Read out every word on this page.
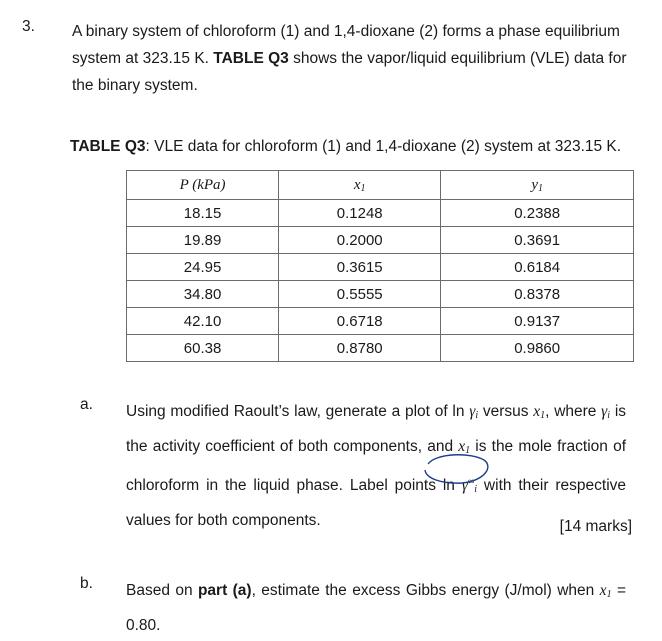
3. A binary system of chloroform (1) and 1,4-dioxane (2) forms a phase equilibrium system at 323.15 K. TABLE Q3 shows the vapor/liquid equilibrium (VLE) data for the binary system.
TABLE Q3: VLE data for chloroform (1) and 1,4-dioxane (2) system at 323.15 K.
P (kPa)	$x_1$	$y_1$
18.15	0.1248	0.2388
19.89	0.2000	0.3691
24.95	0.3615	0.6184
34.80	0.5555	0.8378
42.10	0.6718	0.9137
60.38	0.8780	0.9860
a. Using modified Raoult’s law, generate a plot of $\ln \gamma_i$ versus $x_1$, where $\gamma_i$ is the activity coefficient of both components, and $x_1$ is the mole fraction of chloroform in the liquid phase. Label points $\ln \gamma^\infty_i$ with their respective values for both components.	[14 marks]
b. Based on part (a), estimate the excess Gibbs energy (J/mol) when $x_1 = 0.80$.
